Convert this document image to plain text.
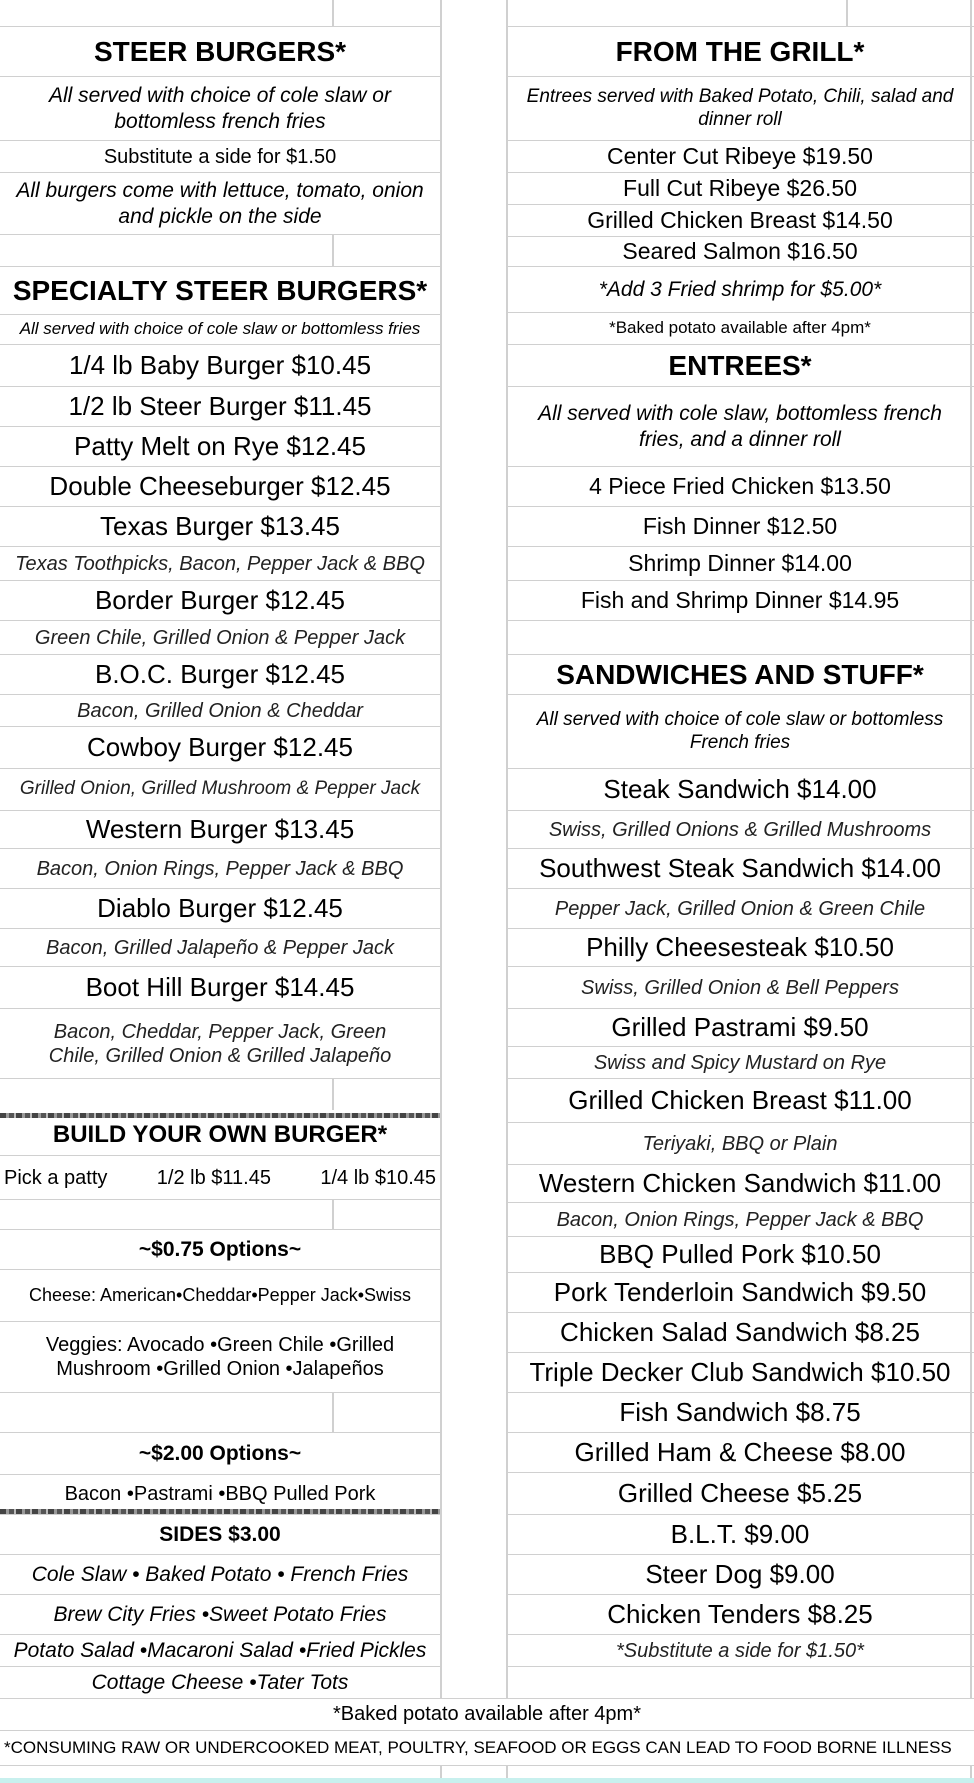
STEER BURGERS*
All served with choice of cole slaw or bottomless french fries
Substitute a side for $1.50
All burgers come with lettuce, tomato, onion and pickle on the side
SPECIALTY STEER BURGERS*
All served with choice of cole slaw or bottomless fries
1/4 lb Baby Burger $10.45
1/2 lb Steer Burger $11.45
Patty Melt on Rye $12.45
Double Cheeseburger $12.45
Texas Burger $13.45
Texas Toothpicks, Bacon, Pepper Jack & BBQ
Border Burger $12.45
Green Chile, Grilled Onion & Pepper Jack
B.O.C. Burger $12.45
Bacon, Grilled Onion & Cheddar
Cowboy Burger $12.45
Grilled Onion, Grilled Mushroom & Pepper Jack
Western Burger $13.45
Bacon, Onion Rings, Pepper Jack & BBQ
Diablo Burger $12.45
Bacon, Grilled Jalapeño & Pepper Jack
Boot Hill Burger $14.45
Bacon, Cheddar, Pepper Jack, Green Chile, Grilled Onion & Grilled Jalapeño
BUILD YOUR OWN BURGER*
Pick a patty 1/2 lb $11.45 1/4 lb $10.45
~$0.75 Options~
Cheese: American•Cheddar•Pepper Jack•Swiss
Veggies: Avocado •Green Chile •Grilled Mushroom •Grilled Onion •Jalapeños
~$2.00 Options~
Bacon •Pastrami •BBQ Pulled Pork
SIDES $3.00
Cole Slaw • Baked Potato • French Fries
Brew City Fries •Sweet Potato Fries
Potato Salad •Macaroni Salad •Fried Pickles
Cottage Cheese •Tater Tots
FROM THE GRILL*
Entrees served with Baked Potato, Chili, salad and dinner roll
Center Cut Ribeye $19.50
Full Cut Ribeye $26.50
Grilled Chicken Breast $14.50
Seared Salmon $16.50
*Add 3 Fried shrimp for $5.00*
*Baked potato available after 4pm*
ENTREES*
All served with cole slaw, bottomless french fries, and a dinner roll
4 Piece Fried Chicken $13.50
Fish Dinner $12.50
Shrimp Dinner $14.00
Fish and Shrimp Dinner $14.95
SANDWICHES AND STUFF*
All served with choice of cole slaw or bottomless French fries
Steak Sandwich $14.00
Swiss, Grilled Onions & Grilled Mushrooms
Southwest Steak Sandwich $14.00
Pepper Jack, Grilled Onion & Green Chile
Philly Cheesesteak $10.50
Swiss, Grilled Onion & Bell Peppers
Grilled Pastrami $9.50
Swiss and Spicy Mustard on Rye
Grilled Chicken Breast $11.00
Teriyaki, BBQ or Plain
Western Chicken Sandwich $11.00
Bacon, Onion Rings, Pepper Jack & BBQ
BBQ Pulled Pork $10.50
Pork Tenderloin Sandwich $9.50
Chicken Salad Sandwich $8.25
Triple Decker Club Sandwich $10.50
Fish Sandwich $8.75
Grilled Ham & Cheese $8.00
Grilled Cheese $5.25
B.L.T. $9.00
Steer Dog $9.00
Chicken Tenders $8.25
*Substitute a side for $1.50*
*Baked potato available after 4pm*
*CONSUMING RAW OR UNDERCOOKED MEAT, POULTRY, SEAFOOD OR EGGS CAN LEAD TO FOOD BORNE ILLNESS
